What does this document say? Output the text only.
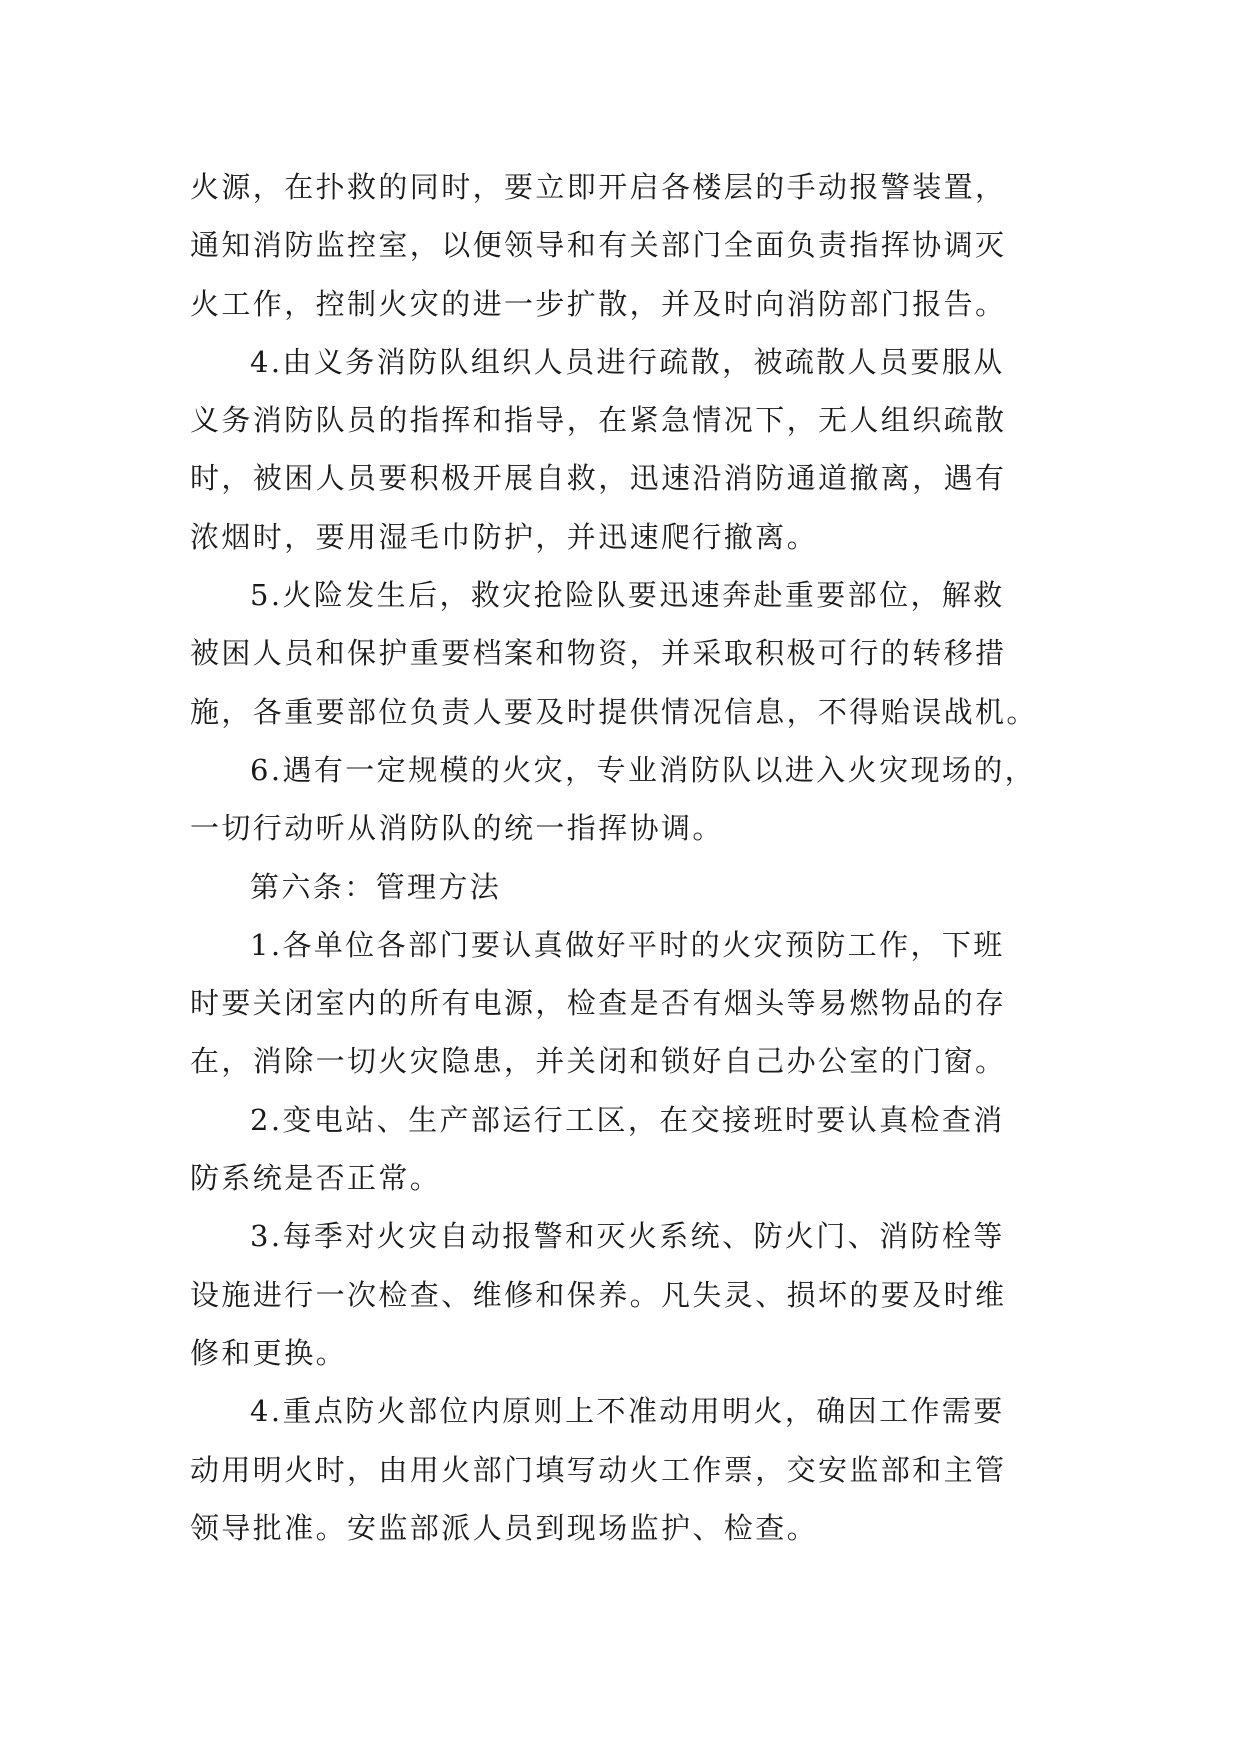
火源，在扑救的同时，要立即开启各楼层的手动报警装置，
通知消防监控室，以便领导和有关部门全面负责指挥协调灭
火工作，控制火灾的进一步扩散，并及时向消防部门报告。
4.由义务消防队组织人员进行疏散，被疏散人员要服从
义务消防队员的指挥和指导，在紧急情况下，无人组织疏散
时，被困人员要积极开展自救，迅速沿消防通道撤离，遇有
浓烟时，要用湿毛巾防护，并迅速爬行撤离。
5.火险发生后，救灾抢险队要迅速奔赴重要部位，解救
被困人员和保护重要档案和物资，并采取积极可行的转移措
施，各重要部位负责人要及时提供情况信息，不得贻误战机。
6.遇有一定规模的火灾，专业消防队以进入火灾现场的，
一切行动听从消防队的统一指挥协调。
第六条：管理方法
1.各单位各部门要认真做好平时的火灾预防工作，下班
时要关闭室内的所有电源，检查是否有烟头等易燃物品的存
在，消除一切火灾隐患，并关闭和锁好自己办公室的门窗。
2.变电站、生产部运行工区，在交接班时要认真检查消
防系统是否正常。
3.每季对火灾自动报警和灭火系统、防火门、消防栓等
设施进行一次检查、维修和保养。凡失灵、损坏的要及时维
修和更换。
4.重点防火部位内原则上不准动用明火，确因工作需要
动用明火时，由用火部门填写动火工作票，交安监部和主管
领导批准。安监部派人员到现场监护、检查。
